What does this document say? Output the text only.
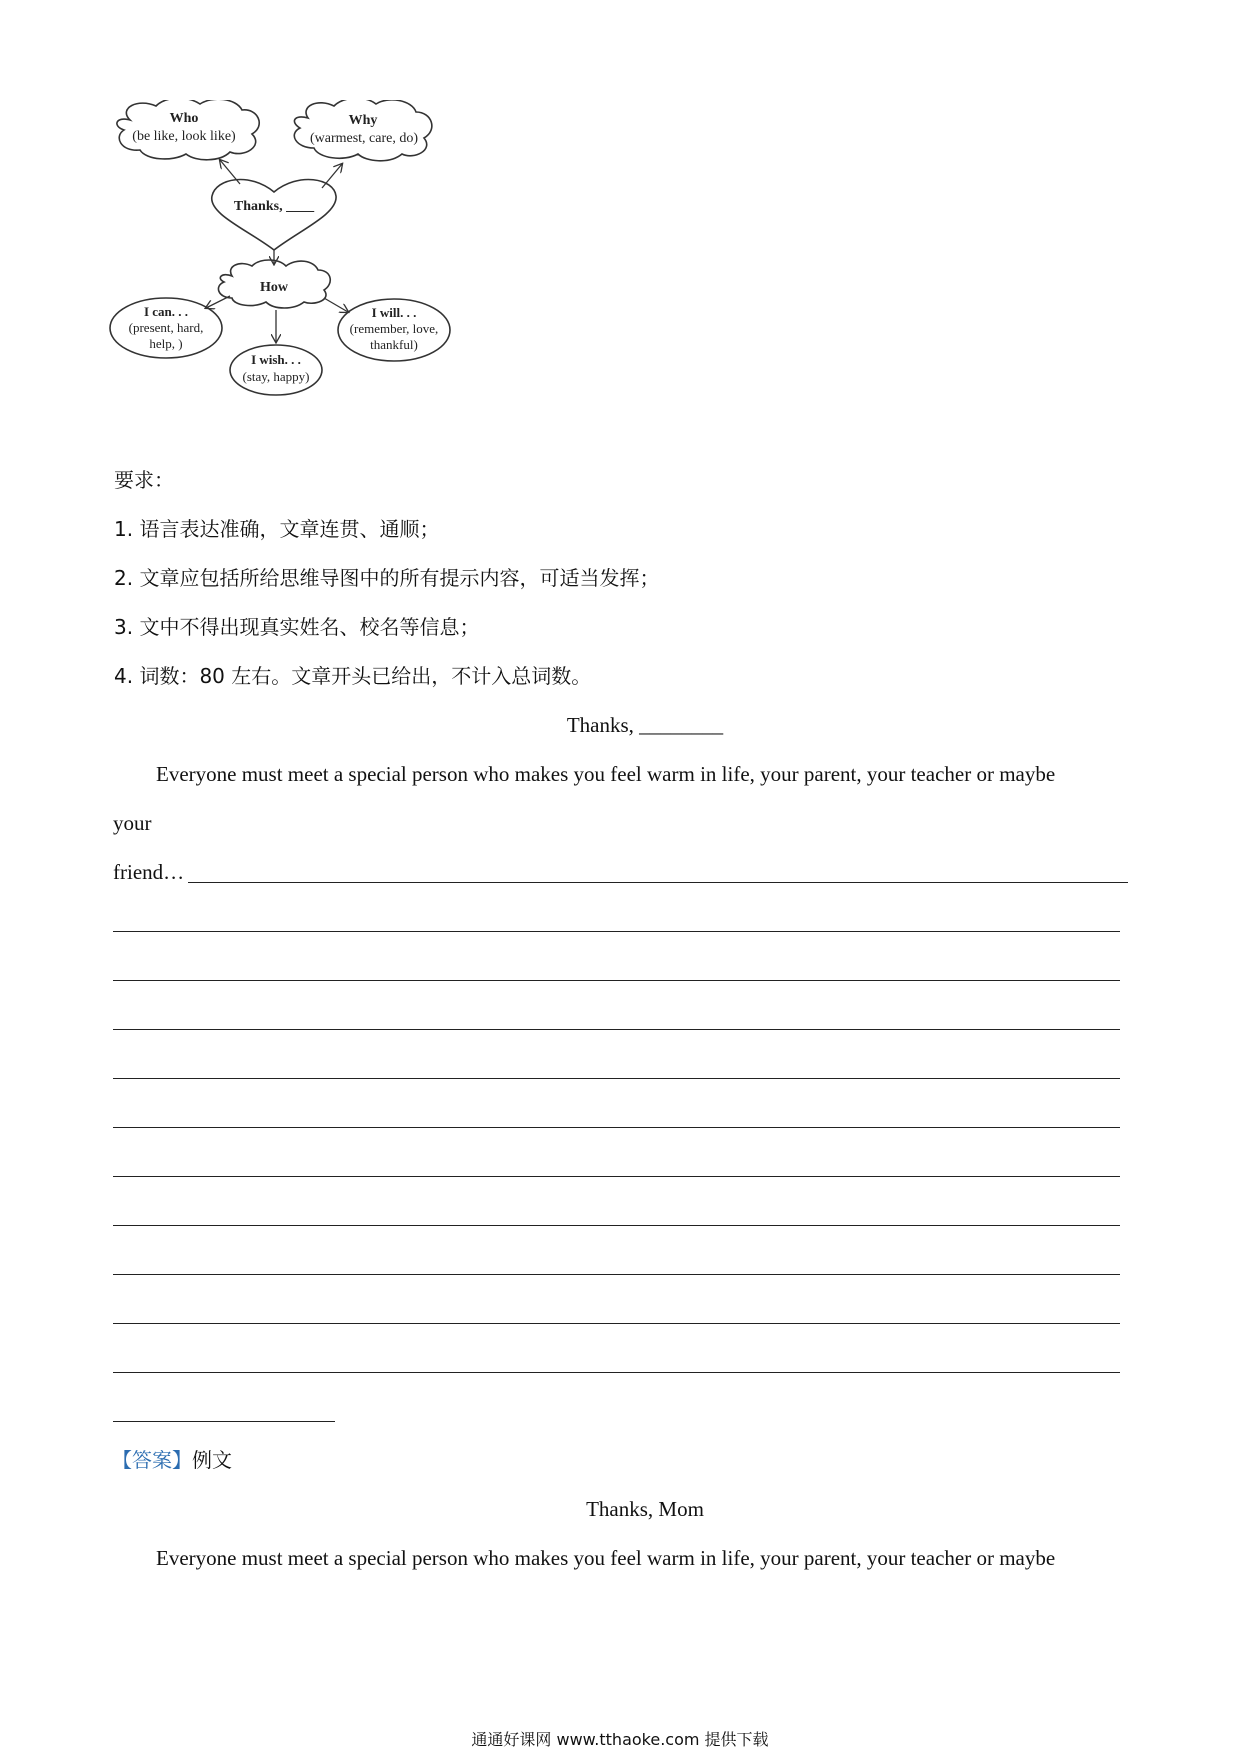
Who
(be like, look like)
Why
(warmest, care, do)
Thanks, ____
How
I can. . .
(present, hard,
help, )
I wish. . .
(stay, happy)
I will. . .
(remember, love,
thankful)
要求：
1. 语言表达准确，文章连贯、通顺；
2. 文章应包括所给思维导图中的所有提示内容，可适当发挥；
3. 文中不得出现真实姓名、校名等信息；
4. 词数：80 左右。文章开头已给出，不计入总词数。
Thanks, ________
Everyone must meet a special person who makes you feel warm in life, your parent, your teacher or maybe
your
friend…
【答案】例文
Thanks, Mom
Everyone must meet a special person who makes you feel warm in life, your parent, your teacher or maybe
通通好课网 www.tthaoke.com 提供下载
